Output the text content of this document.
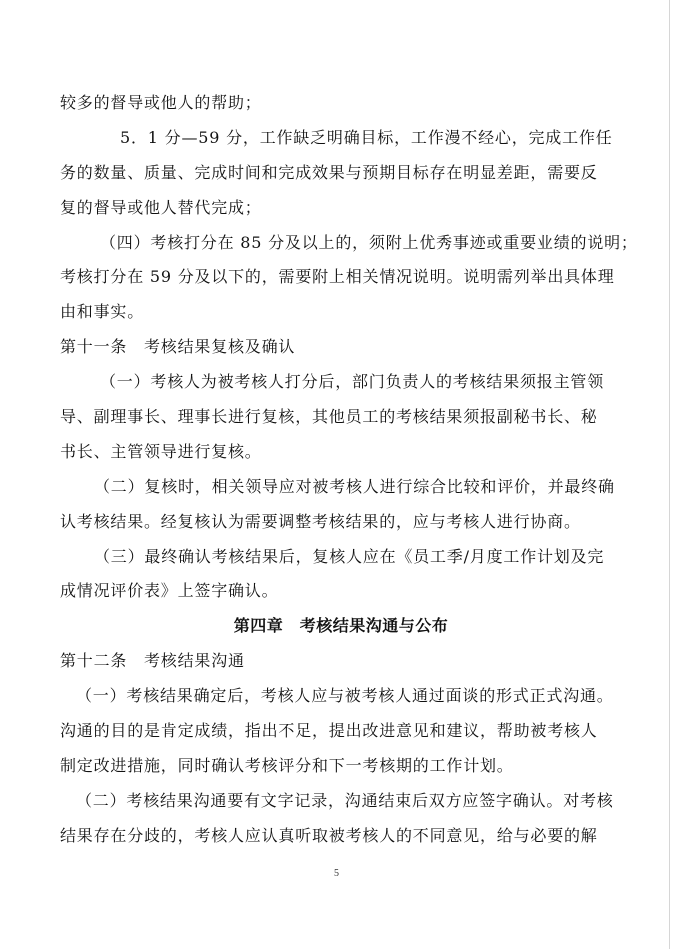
较多的督导或他人的帮助；
5．1 分—59 分，工作缺乏明确目标，工作漫不经心，完成工作任
务的数量、质量、完成时间和完成效果与预期目标存在明显差距，需要反
复的督导或他人替代完成；
（四）考核打分在 85 分及以上的，须附上优秀事迹或重要业绩的说明；
考核打分在 59 分及以下的，需要附上相关情况说明。说明需列举出具体理
由和事实。
第十一条　考核结果复核及确认
（一）考核人为被考核人打分后，部门负责人的考核结果须报主管领
导、副理事长、理事长进行复核，其他员工的考核结果须报副秘书长、秘
书长、主管领导进行复核。
（二）复核时，相关领导应对被考核人进行综合比较和评价，并最终确
认考核结果。经复核认为需要调整考核结果的，应与考核人进行协商。
（三）最终确认考核结果后，复核人应在《员工季/月度工作计划及完
成情况评价表》上签字确认。
第四章　考核结果沟通与公布
第十二条　考核结果沟通
（一）考核结果确定后，考核人应与被考核人通过面谈的形式正式沟通。
沟通的目的是肯定成绩，指出不足，提出改进意见和建议，帮助被考核人
制定改进措施，同时确认考核评分和下一考核期的工作计划。
（二）考核结果沟通要有文字记录，沟通结束后双方应签字确认。对考核
结果存在分歧的，考核人应认真听取被考核人的不同意见，给与必要的解
5
